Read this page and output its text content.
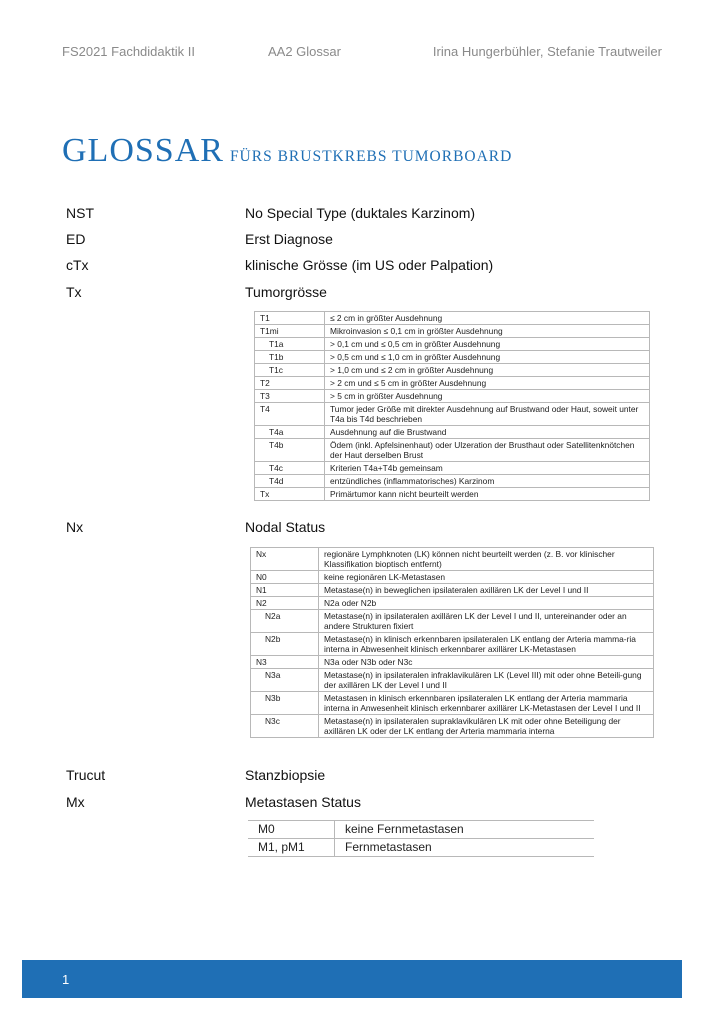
FS2021 Fachdidaktik II	AA2 Glossar	Irina Hungerbühler, Stefanie Trautweiler
GLOSSAR FÜRS BRUSTKREBS TUMORBOARD
NST	No Special Type (duktales Karzinom)
ED	Erst Diagnose
cTx	klinische Grösse (im US oder Palpation)
Tx	Tumorgrösse
T1	≤ 2 cm in größter Ausdehnung
T1mi	Mikroinvasion ≤ 0,1 cm in größter Ausdehnung
T1a	> 0,1 cm und ≤ 0,5 cm in größter Ausdehnung
T1b	> 0,5 cm und ≤ 1,0 cm in größter Ausdehnung
T1c	> 1,0 cm und ≤ 2 cm in größter Ausdehnung
T2	> 2 cm und ≤ 5 cm in größter Ausdehnung
T3	> 5 cm in größter Ausdehnung
T4	Tumor jeder Größe mit direkter Ausdehnung auf Brustwand oder Haut, soweit unter T4a bis T4d beschrieben
T4a	Ausdehnung auf die Brustwand
T4b	Ödem (inkl. Apfelsinenhaut) oder Ulzeration der Brusthaut oder Satellitenknötchen der Haut derselben Brust
T4c	Kriterien T4a+T4b gemeinsam
T4d	entzündliches (inflammatorisches) Karzinom
Tx	Primärtumor kann nicht beurteilt werden
Nx	Nodal Status
Nx	regionäre Lymphknoten (LK) können nicht beurteilt werden (z. B. vor klinischer Klassifikation bioptisch entfernt)
N0	keine regionären LK-Metastasen
N1	Metastase(n) in beweglichen ipsilateralen axillären LK der Level I und II
N2	N2a oder N2b
N2a	Metastase(n) in ipsilateralen axillären LK der Level I und II, untereinander oder an andere Strukturen fixiert
N2b	Metastase(n) in klinisch erkennbaren ipsilateralen LK entlang der Arteria mamma-ria interna in Abwesenheit klinisch erkennbarer axillärer LK-Metastasen
N3	N3a oder N3b oder N3c
N3a	Metastase(n) in ipsilateralen infraklavikulären LK (Level III) mit oder ohne Beteili-gung der axillären LK der Level I und II
N3b	Metastasen in klinisch erkennbaren ipsilateralen LK entlang der Arteria mammaria interna in Anwesenheit klinisch erkennbarer axillärer LK-Metastasen der Level I und II
N3c	Metastase(n) in ipsilateralen supraklavikulären LK mit oder ohne Beteiligung der axillären LK oder der LK entlang der Arteria mammaria interna
Trucut	Stanzbiopsie
Mx	Metastasen Status
M0	keine Fernmetastasen
M1, pM1	Fernmetastasen
1
